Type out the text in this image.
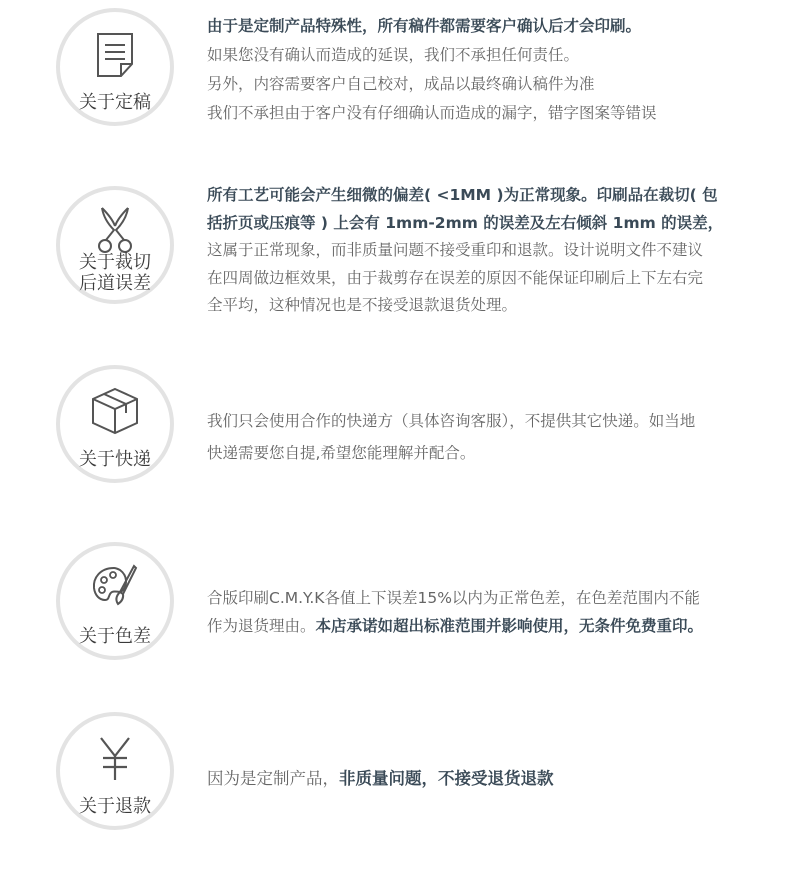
关于定稿

由于是定制产品特殊性，所有稿件都需要客户确认后才会印刷。

如果您没有确认而造成的延误，我们不承担任何责任。

另外，内容需要客户自己校对，成品以最终确认稿件为准

我们不承担由于客户没有仔细确认而造成的漏字，错字图案等错误

关于裁切
后道误差

所有工艺可能会产生细微的偏差( <1MM )为正常现象。印刷品在裁切( 包

括折页或压痕等 ) 上会有 1mm-2mm 的误差及左右倾斜 1mm 的误差，

这属于正常现象，而非质量问题不接受重印和退款。设计说明文件不建议

在四周做边框效果，由于裁剪存在误差的原因不能保证印刷后上下左右完

全平均，这种情况也是不接受退款退货处理。

关于快递

我们只会使用合作的快递方（具体咨询客服），不提供其它快递。如当地

快递需要您自提,希望您能理解并配合。

关于色差

合版印刷C.M.Y.K各值上下误差15%以内为正常色差，在色差范围内不能

作为退货理由。本店承诺如超出标准范围并影响使用，无条件免费重印。

关于退款

因为是定制产品，非质量问题，不接受退货退款
